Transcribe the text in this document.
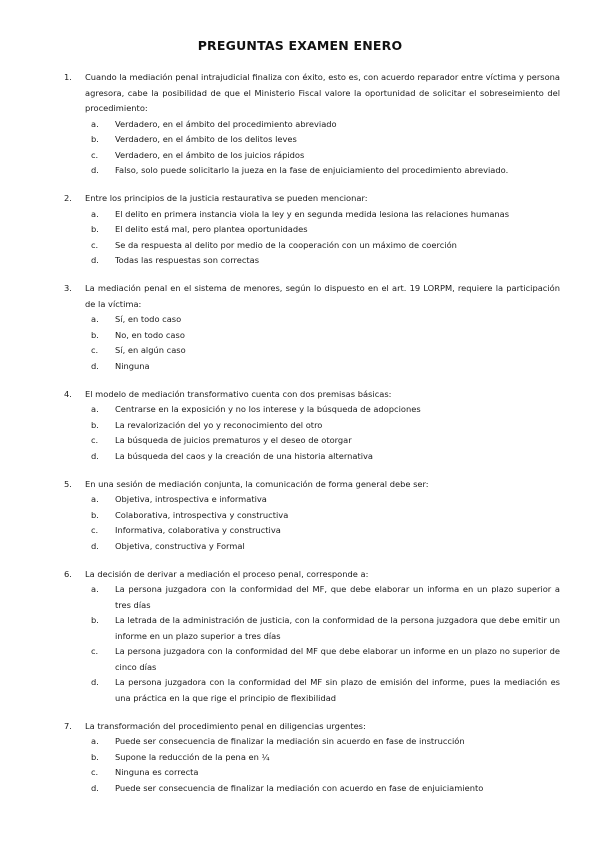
PREGUNTAS EXAMEN ENERO
1. Cuando la mediación penal intrajudicial finaliza con éxito, esto es, con acuerdo reparador entre víctima y persona agresora, cabe la posibilidad de que el Ministerio Fiscal valore la oportunidad de solicitar el sobreseimiento del procedimiento:
a. Verdadero, en el ámbito del procedimiento abreviado
b. Verdadero, en el ámbito de los delitos leves
c. Verdadero, en el ámbito de los juicios rápidos
d. Falso, solo puede solicitarlo la jueza en la fase de enjuiciamiento del procedimiento abreviado.
2. Entre los principios de la justicia restaurativa se pueden mencionar:
a. El delito en primera instancia viola la ley y en segunda medida lesiona las relaciones humanas
b. El delito está mal, pero plantea oportunidades
c. Se da respuesta al delito por medio de la cooperación con un máximo de coerción
d. Todas las respuestas son correctas
3. La mediación penal en el sistema de menores, según lo dispuesto en el art. 19 LORPM, requiere la participación de la víctima:
a. Sí, en todo caso
b. No, en todo caso
c. Sí, en algún caso
d. Ninguna
4. El modelo de mediación transformativo cuenta con dos premisas básicas:
a. Centrarse en la exposición y no los interese y la búsqueda de adopciones
b. La revalorización del yo y reconocimiento del otro
c. La búsqueda de juicios prematuros y el deseo de otorgar
d. La búsqueda del caos y la creación de una historia alternativa
5. En una sesión de mediación conjunta, la comunicación de forma general debe ser:
a. Objetiva, introspectiva e informativa
b. Colaborativa, introspectiva y constructiva
c. Informativa, colaborativa y constructiva
d. Objetiva, constructiva y Formal
6. La decisión de derivar a mediación el proceso penal, corresponde a:
a. La persona juzgadora con la conformidad del MF, que debe elaborar un informa en un plazo superior a tres días
b. La letrada de la administración de justicia, con la conformidad de la persona juzgadora que debe emitir un informe en un plazo superior a tres días
c. La persona juzgadora con la conformidad del MF que debe elaborar un informe en un plazo no superior de cinco días
d. La persona juzgadora con la conformidad del MF sin plazo de emisión del informe, pues la mediación es una práctica en la que rige el principio de flexibilidad
7. La transformación del procedimiento penal en diligencias urgentes:
a. Puede ser consecuencia de finalizar la mediación sin acuerdo en fase de instrucción
b. Supone la reducción de la pena en ¼
c. Ninguna es correcta
d. Puede ser consecuencia de finalizar la mediación con acuerdo en fase de enjuiciamiento
